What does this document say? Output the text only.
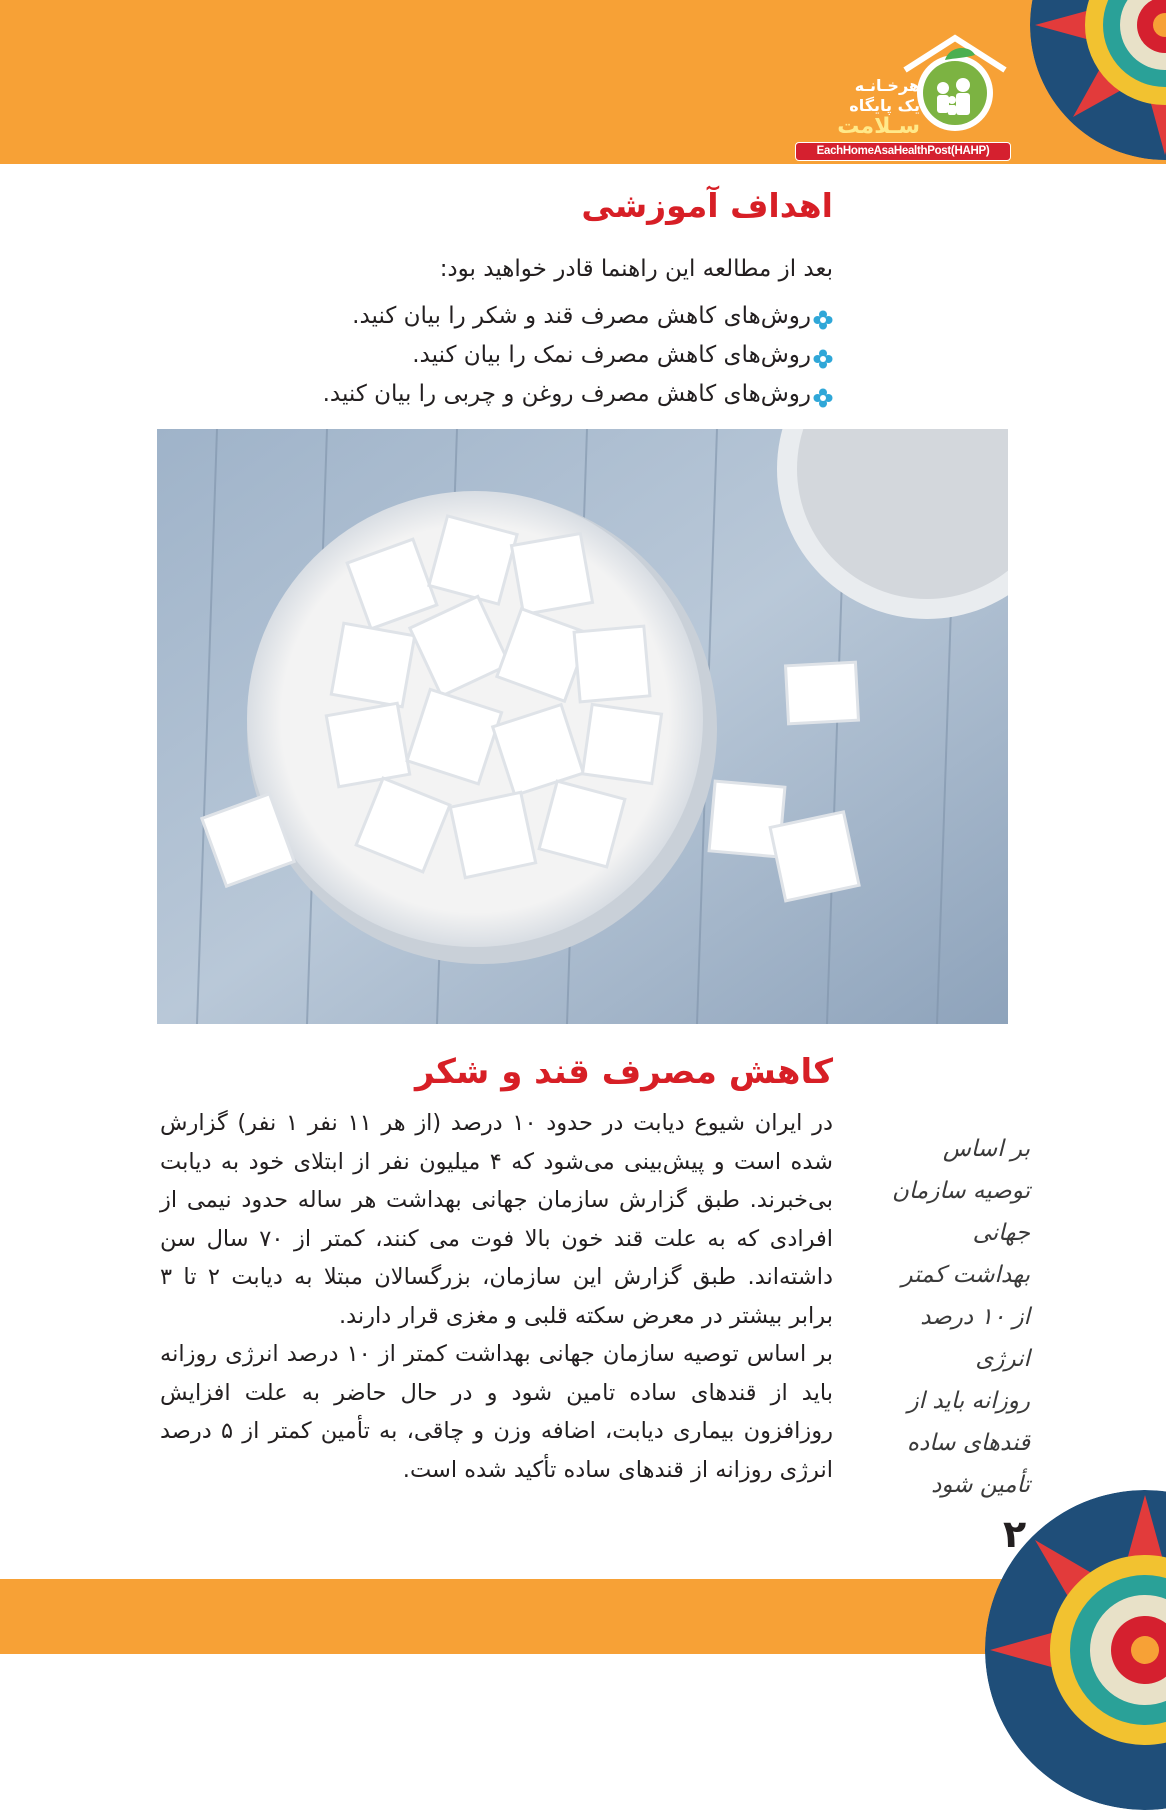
هرخـانـه
یک پایگاه
سـلامت
EachHomeAsaHealthPost(HAHP)
اهداف آموزشی
بعد از مطالعه این راهنما قادر خواهید بود:
روش‌های کاهش مصرف قند و شکر را بیان کنید.
روش‌های کاهش مصرف نمک را بیان کنید.
روش‌های کاهش مصرف روغن و چربی را بیان کنید.
کاهش مصرف قند و شکر

در ایران شیوع دیابت در حدود ۱۰ درصد (از هر ۱۱ نفر ۱ نفر) گزارش شده است و پیش‌بینی می‌شود که ۴ میلیون نفر از ابتلای خود به دیابت بی‌خبرند. طبق گزارش سازمان جهانی بهداشت هر ساله حدود نیمی از افرادی که به علت قند خون بالا فوت می کنند، کمتر از ۷۰ سال سن داشته‌اند. طبق گزارش این سازمان، بزرگسالان مبتلا به دیابت ۲ تا ۳ برابر بیشتر در معرض سکته قلبی و مغزی قرار دارند.

بر اساس توصیه سازمان جهانی بهداشت کمتر از ۱۰ درصد انرژی روزانه باید از قندهای ساده تامین شود و در حال حاضر به علت افزایش روزافزون بیماری دیابت، اضافه وزن و چاقی، به تأمین کمتر از ۵ درصد انرژی روزانه از قندهای ساده تأکید شده است.

بر اساس
توصیه سازمان
جهانی
بهداشت کمتر
از ۱۰ درصد
انرژی
روزانه باید از
قندهای ساده
تأمین شود
۲
